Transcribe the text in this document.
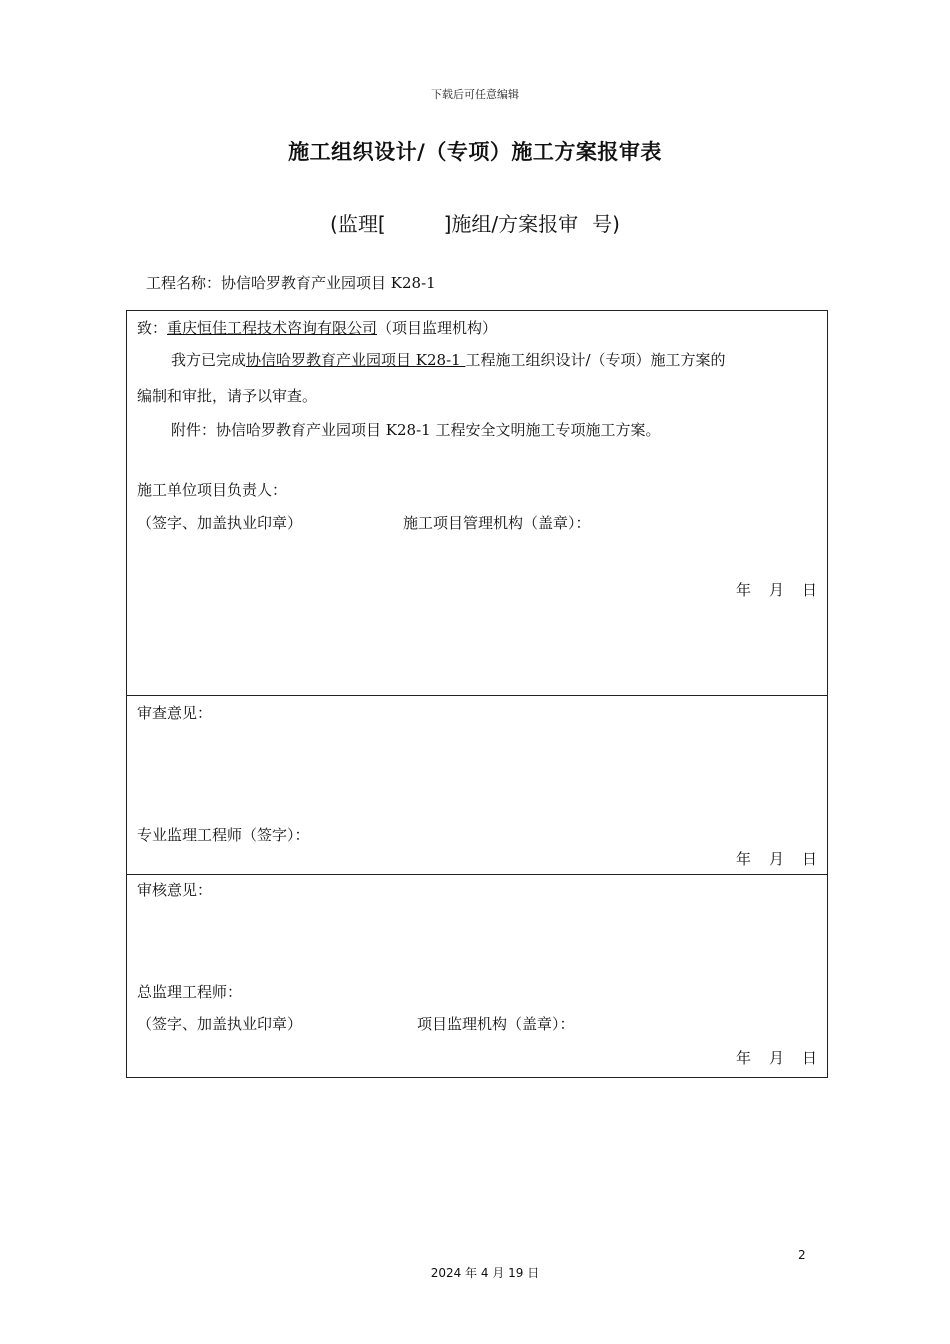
下载后可任意编辑
施工组织设计/（专项）施工方案报审表
(监理[	]施组/方案报审 号)
工程名称：协信哈罗教育产业园项目 K28-1
致：重庆恒佳工程技术咨询有限公司（项目监理机构）
我方已完成协信哈罗教育产业园项目 K28-1 工程施工组织设计/（专项）施工方案的
编制和审批，请予以审查。
附件：协信哈罗教育产业园项目 K28-1 工程安全文明施工专项施工方案。
施工单位项目负责人：
（签字、加盖执业印章）	施工项目管理机构（盖章）：
年 月 日
审查意见：
专业监理工程师（签字）：
年 月 日
审核意见：
总监理工程师：
（签字、加盖执业印章）	项目监理机构（盖章）：
年 月 日
2
2024 年 4 月 19 日
